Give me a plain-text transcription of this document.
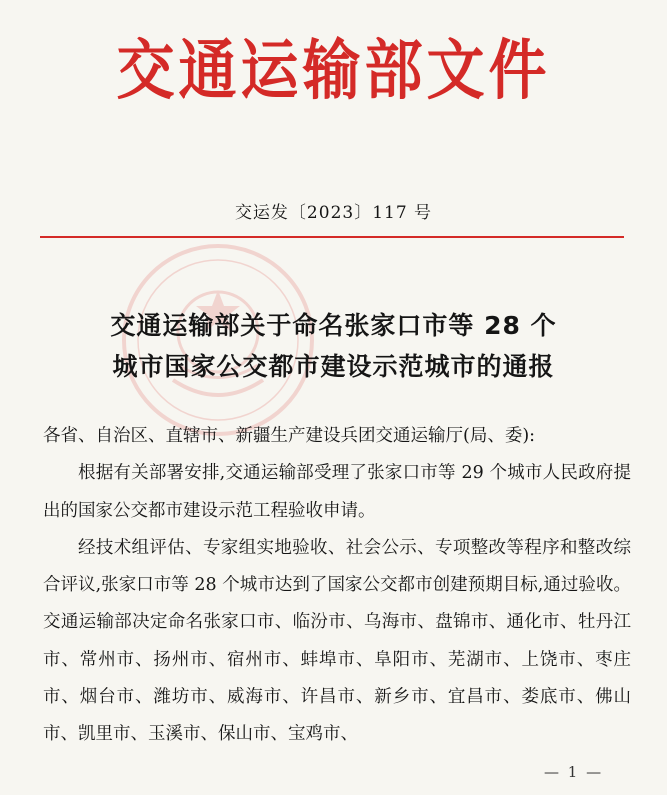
交通运输部文件
交运发〔2023〕117 号
交通运输部关于命名张家口市等 28 个
城市国家公交都市建设示范城市的通报

各省、自治区、直辖市、新疆生产建设兵团交通运输厅(局、委):

根据有关部署安排,交通运输部受理了张家口市等 29 个城市人民政府提出的国家公交都市建设示范工程验收申请。

经技术组评估、专家组实地验收、社会公示、专项整改等程序和整改综合评议,张家口市等 28 个城市达到了国家公交都市创建预期目标,通过验收。交通运输部决定命名张家口市、临汾市、乌海市、盘锦市、通化市、牡丹江市、常州市、扬州市、宿州市、蚌埠市、阜阳市、芜湖市、上饶市、枣庄市、烟台市、潍坊市、威海市、许昌市、新乡市、宜昌市、娄底市、佛山市、凯里市、玉溪市、保山市、宝鸡市、

— 1 —
